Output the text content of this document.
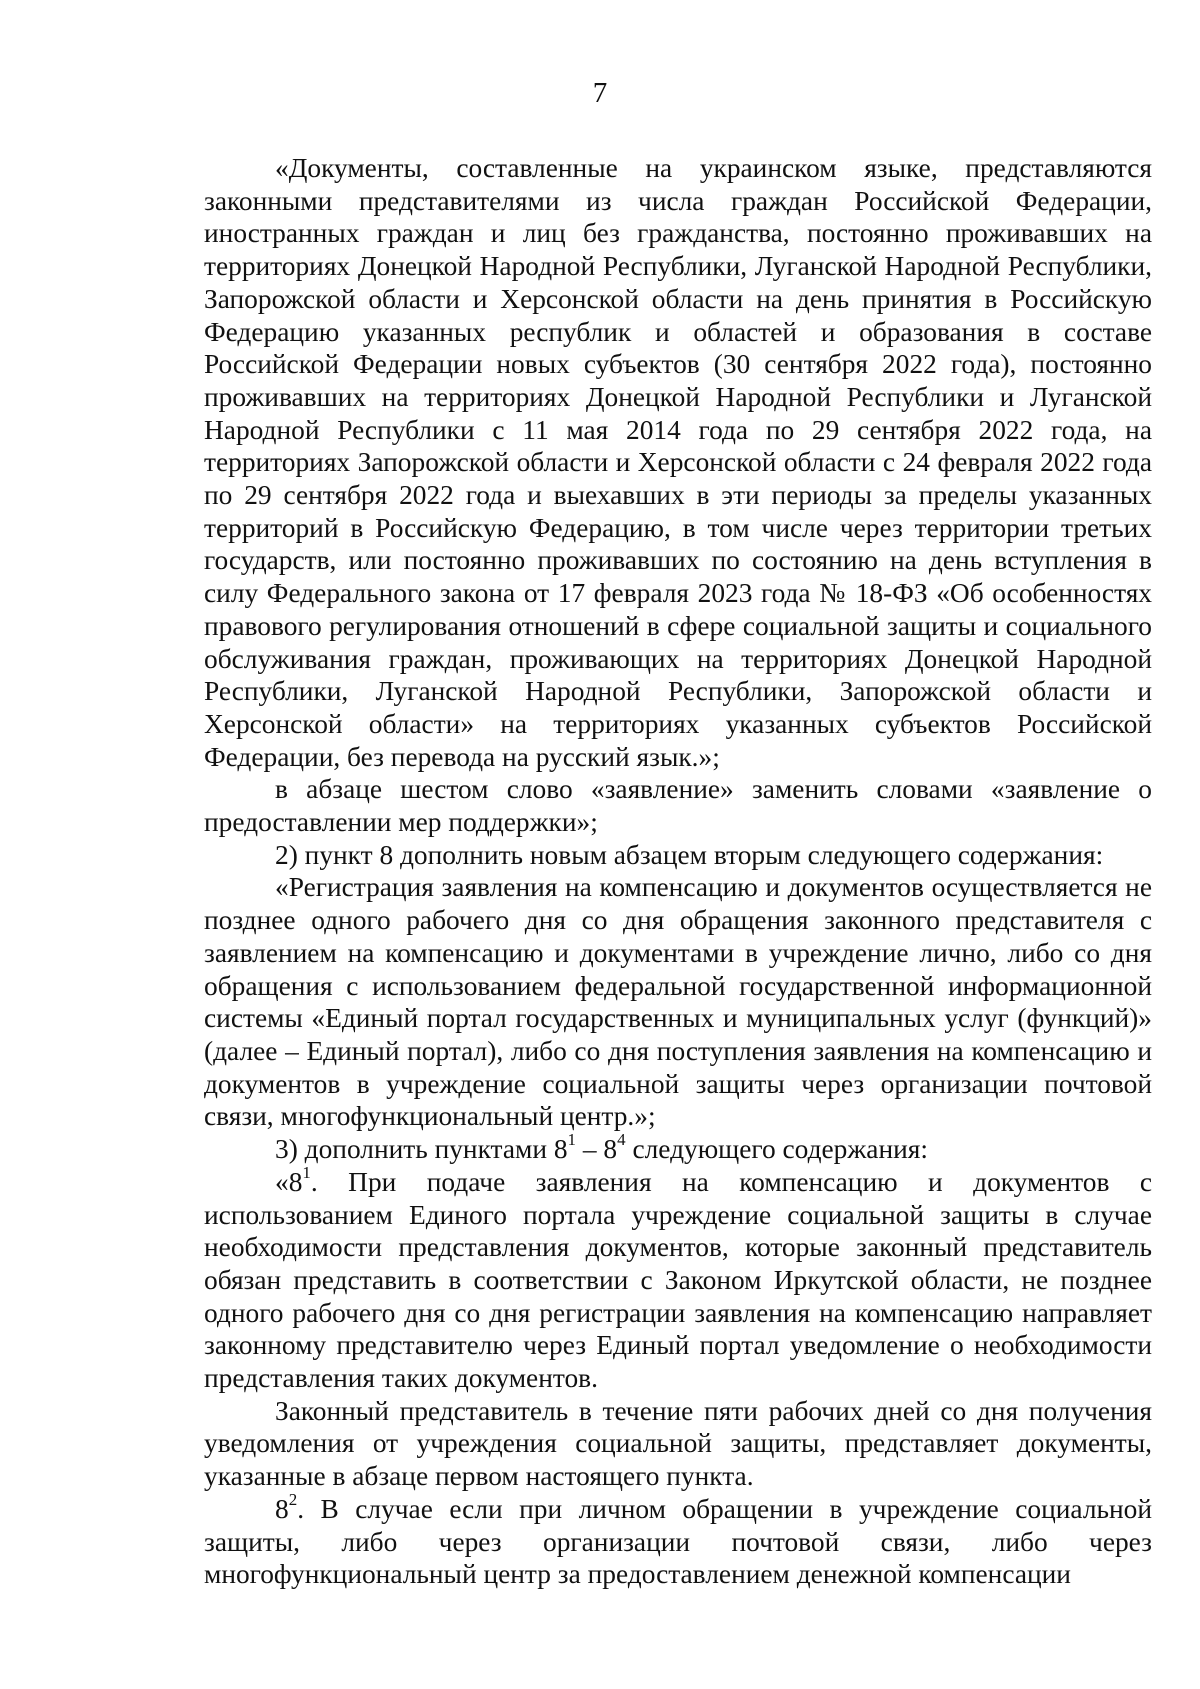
7

«Документы, составленные на украинском языке, представляются законными представителями из числа граждан Российской Федерации, иностранных граждан и лиц без гражданства, постоянно проживавших на территориях Донецкой Народной Республики, Луганской Народной Республики, Запорожской области и Херсонской области на день принятия в Российскую Федерацию указанных республик и областей и образования в составе Российской Федерации новых субъектов (30 сентября 2022 года), постоянно проживавших на территориях Донецкой Народной Республики и Луганской Народной Республики с 11 мая 2014 года по 29 сентября 2022 года, на территориях Запорожской области и Херсонской области с 24 февраля 2022 года по 29 сентября 2022 года и выехавших в эти периоды за пределы указанных территорий в Российскую Федерацию, в том числе через территории третьих государств, или постоянно проживавших по состоянию на день вступления в силу Федерального закона от 17 февраля 2023 года № 18-ФЗ «Об особенностях правового регулирования отношений в сфере социальной защиты и социального обслуживания граждан, проживающих на территориях Донецкой Народной Республики, Луганской Народной Республики, Запорожской области и Херсонской области» на территориях указанных субъектов Российской Федерации, без перевода на русский язык.»;

в абзаце шестом слово «заявление» заменить словами «заявление о предоставлении мер поддержки»;

2) пункт 8 дополнить новым абзацем вторым следующего содержания:

«Регистрация заявления на компенсацию и документов осуществляется не позднее одного рабочего дня со дня обращения законного представителя с заявлением на компенсацию и документами в учреждение лично, либо со дня обращения с использованием федеральной государственной информационной системы «Единый портал государственных и муниципальных услуг (функций)» (далее – Единый портал), либо со дня поступления заявления на компенсацию и документов в учреждение социальной защиты через организации почтовой связи, многофункциональный центр.»;

3) дополнить пунктами $8^1 - 8^4$ следующего содержания:

«$8^1$. При подаче заявления на компенсацию и документов с использованием Единого портала учреждение социальной защиты в случае необходимости представления документов, которые законный представитель обязан представить в соответствии с Законом Иркутской области, не позднее одного рабочего дня со дня регистрации заявления на компенсацию направляет законному представителю через Единый портал уведомление о необходимости представления таких документов.

Законный представитель в течение пяти рабочих дней со дня получения уведомления от учреждения социальной защиты, представляет документы, указанные в абзаце первом настоящего пункта.

$8^2$. В случае если при личном обращении в учреждение социальной защиты, либо через организации почтовой связи, либо через многофункциональный центр за предоставлением денежной компенсации
